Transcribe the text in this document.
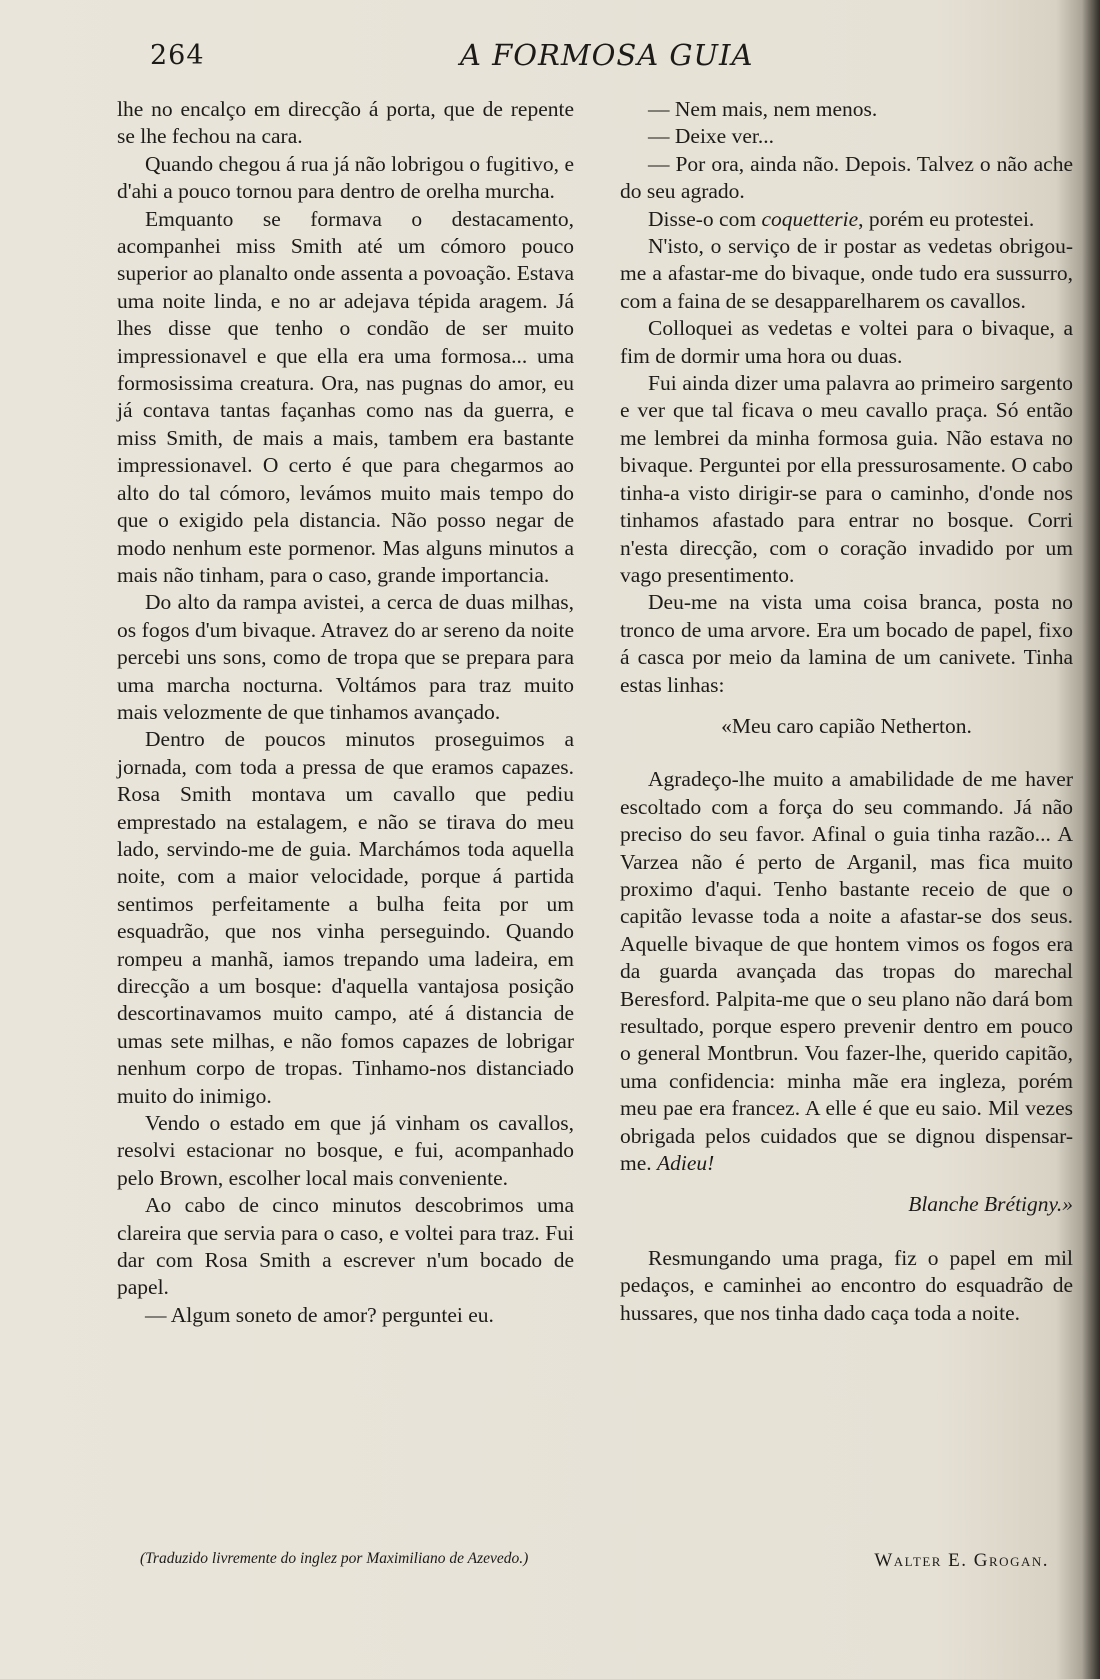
264	A FORMOSA GUIA

lhe no encalço em direcção á porta, que de repente se lhe fechou na cara.

Quando chegou á rua já não lobrigou o fugitivo, e d'ahi a pouco tornou para dentro de orelha murcha.

Emquanto se formava o destacamento, acompanhei miss Smith até um cómoro pouco superior ao planalto onde assenta a povoação. Estava uma noite linda, e no ar adejava tépida aragem. Já lhes disse que tenho o condão de ser muito impressionavel e que ella era uma formosa... uma formosissima creatura. Ora, nas pugnas do amor, eu já contava tantas façanhas como nas da guerra, e miss Smith, de mais a mais, tambem era bastante impressionavel. O certo é que para chegarmos ao alto do tal cómoro, levámos muito mais tempo do que o exigido pela distancia. Não posso negar de modo nenhum este pormenor. Mas alguns minutos a mais não tinham, para o caso, grande importancia.

Do alto da rampa avistei, a cerca de duas milhas, os fogos d'um bivaque. Atravez do ar sereno da noite percebi uns sons, como de tropa que se prepara para uma marcha nocturna. Voltámos para traz muito mais velozmente de que tinhamos avançado.

Dentro de poucos minutos proseguimos a jornada, com toda a pressa de que eramos capazes. Rosa Smith montava um cavallo que pediu emprestado na estalagem, e não se tirava do meu lado, servindo-me de guia. Marchámos toda aquella noite, com a maior velocidade, porque á partida sentimos perfeitamente a bulha feita por um esquadrão, que nos vinha perseguindo. Quando rompeu a manhã, iamos trepando uma ladeira, em direcção a um bosque: d'aquella vantajosa posição descortinavamos muito campo, até á distancia de umas sete milhas, e não fomos capazes de lobrigar nenhum corpo de tropas. Tinhamo-nos distanciado muito do inimigo.

Vendo o estado em que já vinham os cavallos, resolvi estacionar no bosque, e fui, acompanhado pelo Brown, escolher local mais conveniente.

Ao cabo de cinco minutos descobrimos uma clareira que servia para o caso, e voltei para traz. Fui dar com Rosa Smith a escrever n'um bocado de papel.

— Algum soneto de amor? perguntei eu.

— Nem mais, nem menos.

— Deixe ver...

— Por ora, ainda não. Depois. Talvez o não ache do seu agrado.

Disse-o com coquetterie, porém eu protestei.

N'isto, o serviço de ir postar as vedetas obrigou-me a afastar-me do bivaque, onde tudo era sussurro, com a faina de se desapparelharem os cavallos.

Colloquei as vedetas e voltei para o bivaque, a fim de dormir uma hora ou duas.

Fui ainda dizer uma palavra ao primeiro sargento e ver que tal ficava o meu cavallo praça. Só então me lembrei da minha formosa guia. Não estava no bivaque. Perguntei por ella pressurosamente. O cabo tinha-a visto dirigir-se para o caminho, d'onde nos tinhamos afastado para entrar no bosque. Corri n'esta direcção, com o coração invadido por um vago presentimento.

Deu-me na vista uma coisa branca, posta no tronco de uma arvore. Era um bocado de papel, fixo á casca por meio da lamina de um canivete. Tinha estas linhas:

«Meu caro capião Netherton.

Agradeço-lhe muito a amabilidade de me haver escoltado com a força do seu commando. Já não preciso do seu favor. Afinal o guia tinha razão... A Varzea não é perto de Arganil, mas fica muito proximo d'aqui. Tenho bastante receio de que o capitão levasse toda a noite a afastar-se dos seus. Aquelle bivaque de que hontem vimos os fogos era da guarda avançada das tropas do marechal Beresford. Palpita-me que o seu plano não dará bom resultado, porque espero prevenir dentro em pouco o general Montbrun. Vou fazer-lhe, querido capitão, uma confidencia: minha mãe era ingleza, porém meu pae era francez. A elle é que eu saio. Mil vezes obrigada pelos cuidados que se dignou dispensar-me. Adieu!

Blanche Brétigny.»

Resmungando uma praga, fiz o papel em mil pedaços, e caminhei ao encontro do esquadrão de hussares, que nos tinha dado caça toda a noite.

(Traduzido livremente do inglez por Maximiliano de Azevedo.)	Walter E. Grogan.
